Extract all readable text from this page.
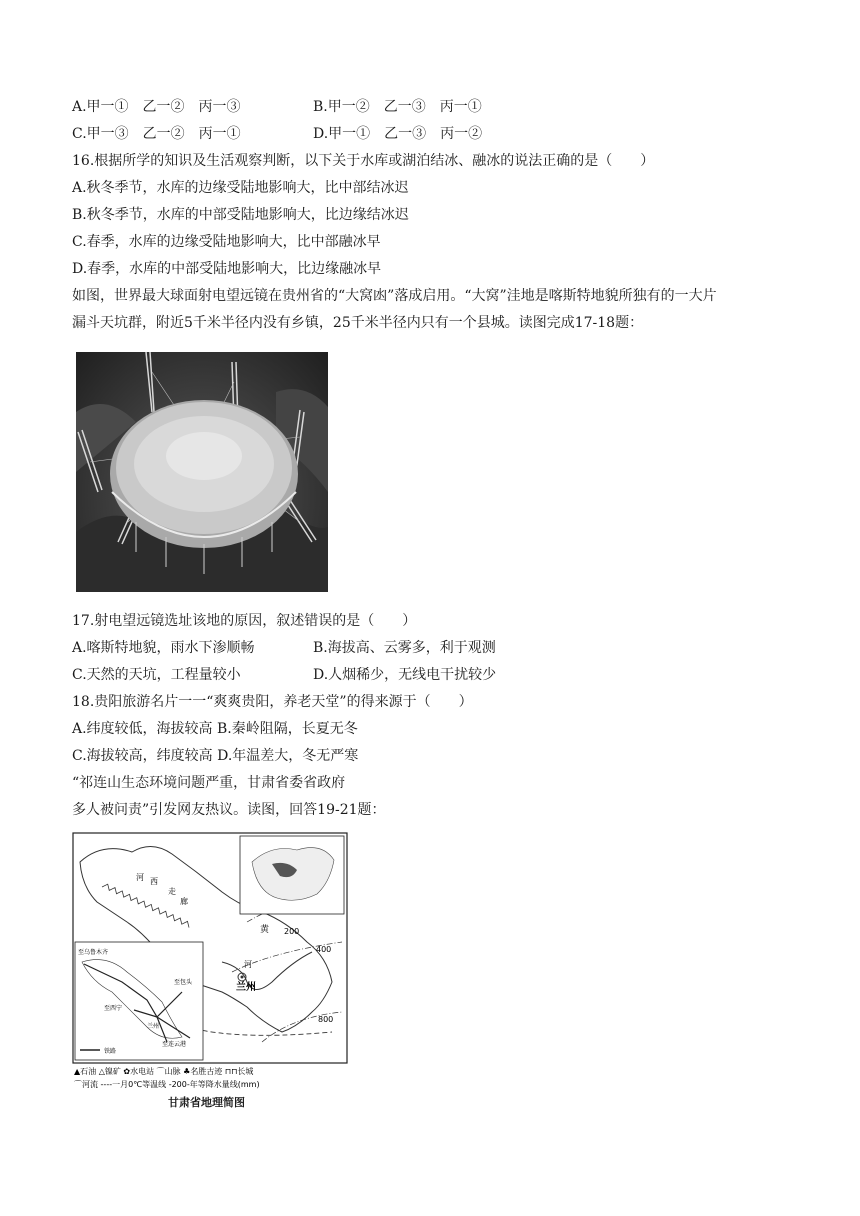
A.甲一①　乙一②　丙一③	B.甲一②　乙一③　丙一①
C.甲一③　乙一②　丙一①	D.甲一①　乙一③　丙一②
16.根据所学的知识及生活观察判断，以下关于水库或湖泊结冰、融冰的说法正确的是（　　）
A.秋冬季节，水库的边缘受陆地影响大，比中部结冰迟
B.秋冬季节，水库的中部受陆地影响大，比边缘结冰迟
C.春季，水库的边缘受陆地影响大，比中部融冰早
D.春季，水库的中部受陆地影响大，比边缘融冰早
如图，世界最大球面射电望远镜在贵州省的“大窝凼”落成启用。“大窝”洼地是喀斯特地貌所独有的一大片
漏斗天坑群，附近5千米半径内没有乡镇，25千米半径内只有一个县城。读图完成17-18题：
17.射电望远镜选址该地的原因，叙述错误的是（　　）
A.喀斯特地貌，雨水下渗顺畅	B.海拔高、云雾多，利于观测
C.天然的天坑，工程量较小	D.人烟稀少，无线电干扰较少
18.贵阳旅游名片一一“爽爽贵阳，养老天堂”的得来源于（　　）
A.纬度较低，海拔较高 B.秦岭阻隔，长夏无冬
C.海拔较高，纬度较高 D.年温差大，冬无严寒
“祁连山生态环境问题严重，甘肃省委省政府
多人被问责”引发网友热议。读图，回答19-21题：
河 西
走
廊
黄
河
兰州
200
400
800
至乌鲁木齐
至包头
至西宁
兰州
至连云港
铁路
▲石油 △镍矿 ✿水电站 ⌒山脉 ♣名胜古迹 ⊓⊓长城
⌒河流 ----一月0℃等温线 -200-年等降水量线(mm)
甘肃省地理简图
